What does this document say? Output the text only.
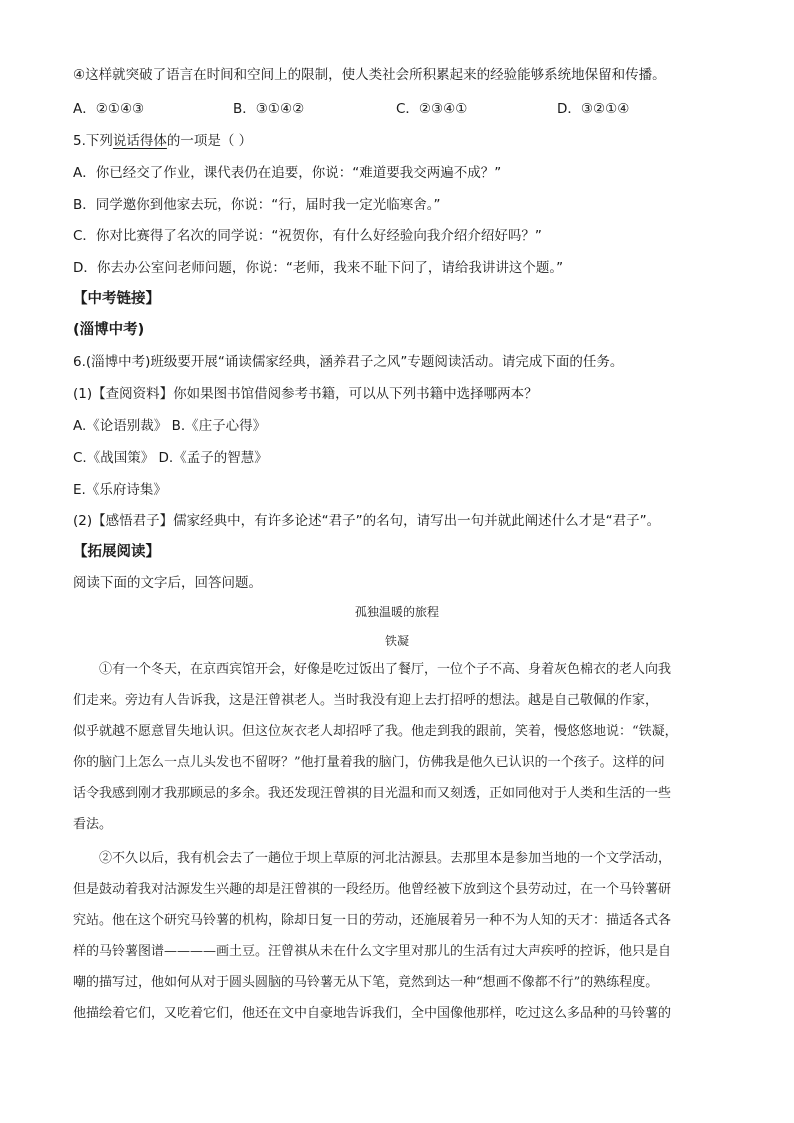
④这样就突破了语言在时间和空间上的限制，使人类社会所积累起来的经验能够系统地保留和传播。
A．②①④③	B．③①④②	C．②③④①	D．③②①④
5.下列说话得体的一项是（ ）
A．你已经交了作业，课代表仍在追要，你说：“难道要我交两遍不成？”
B．同学邀你到他家去玩，你说：“行，届时我一定光临寒舍。”
C．你对比赛得了名次的同学说：“祝贺你，有什么好经验向我介绍介绍好吗？”
D．你去办公室问老师问题，你说：“老师，我来不耻下问了，请给我讲讲这个题。”
【中考链接】
(淄博中考)
6.(淄博中考)班级要开展“诵读儒家经典，涵养君子之风”专题阅读活动。请完成下面的任务。
(1)【查阅资料】你如果图书馆借阅参考书籍，可以从下列书籍中选择哪两本？
A.《论语别裁》 B.《庄子心得》
C.《战国策》 D.《孟子的智慧》
E.《乐府诗集》
(2)【感悟君子】儒家经典中，有许多论述“君子”的名句，请写出一句并就此阐述什么才是“君子”。
【拓展阅读】
阅读下面的文字后，回答问题。
孤独温暖的旅程
铁凝
①有一个冬天，在京西宾馆开会，好像是吃过饭出了餐厅，一位个子不高、身着灰色棉衣的老人向我
们走来。旁边有人告诉我，这是汪曾祺老人。当时我没有迎上去打招呼的想法。越是自己敬佩的作家，
似乎就越不愿意冒失地认识。但这位灰衣老人却招呼了我。他走到我的跟前，笑着，慢悠悠地说：“铁凝，
你的脑门上怎么一点儿头发也不留呀？”他打量着我的脑门，仿佛我是他久已认识的一个孩子。这样的问
话令我感到刚才我那顾忌的多余。我还发现汪曾祺的目光温和而又刻透，正如同他对于人类和生活的一些
看法。
②不久以后，我有机会去了一趟位于坝上草原的河北沽源县。去那里本是参加当地的一个文学活动，
但是鼓动着我对沽源发生兴趣的却是汪曾祺的一段经历。他曾经被下放到这个县劳动过，在一个马铃薯研
究站。他在这个研究马铃薯的机构，除却日复一日的劳动，还施展着另一种不为人知的天才：描适各式各
样的马铃薯图谱————画土豆。汪曾祺从未在什么文字里对那儿的生活有过大声疾呼的控诉，他只是自
嘲的描写过，他如何从对于圆头圆脑的马铃薯无从下笔，竟然到达一种“想画不像都不行”的熟练程度。
他描绘着它们，又吃着它们，他还在文中自豪地告诉我们，全中国像他那样，吃过这么多品种的马铃薯的
